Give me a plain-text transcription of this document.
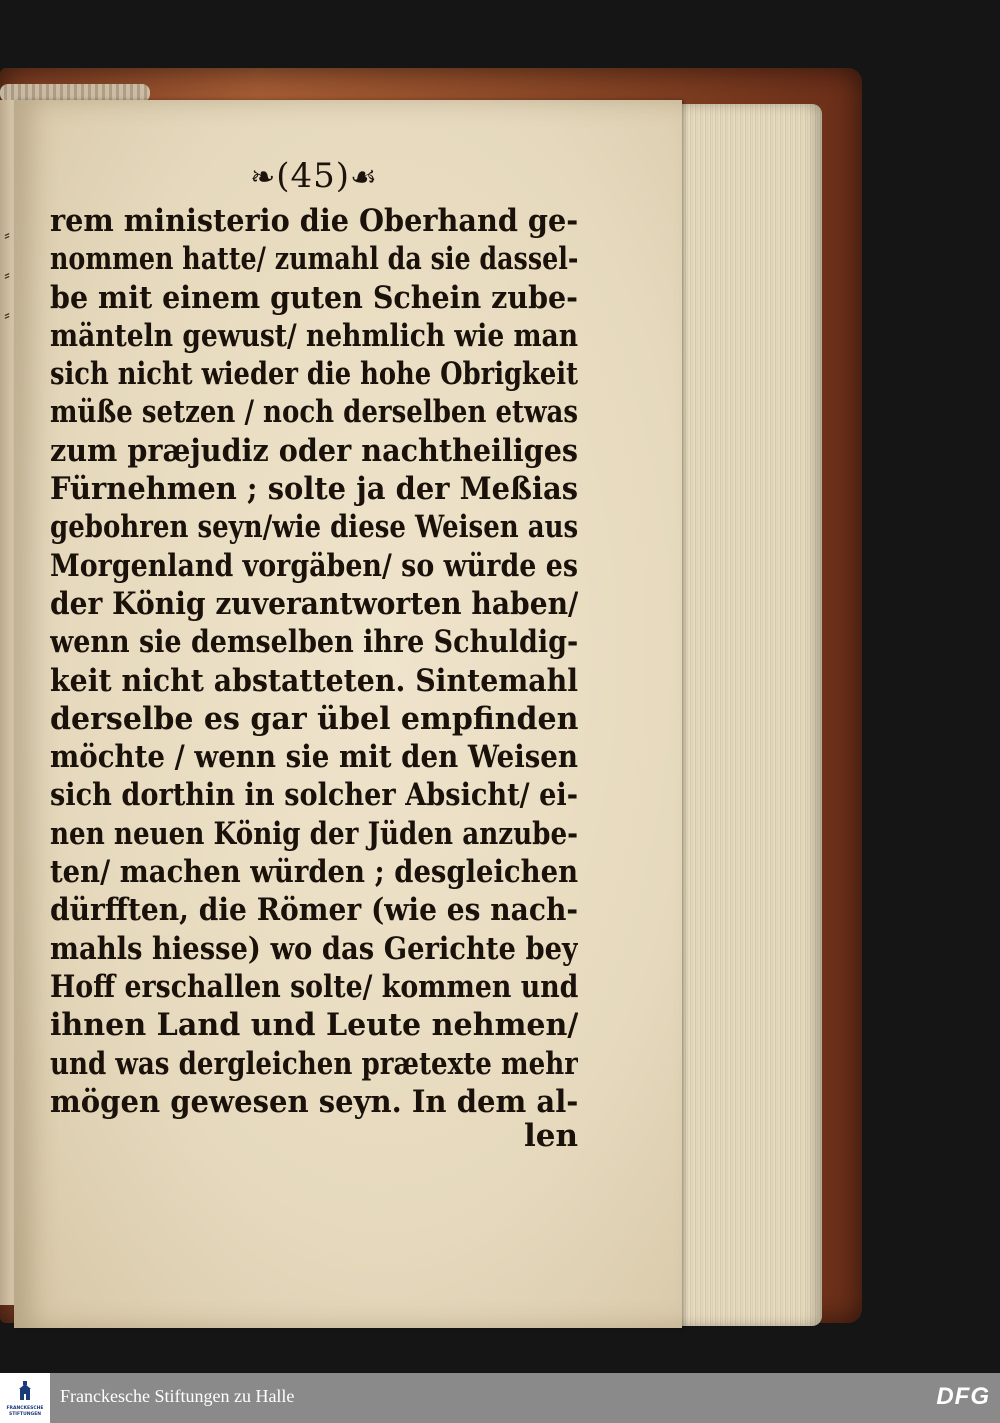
⸗
⸗
⸗
❧(45)☙
rem ministerio die Oberhand ge-
nommen hatte/ zumahl da sie dassel-
be mit einem guten Schein zube-
mänteln gewust/ nehmlich wie man
sich nicht wieder die hohe Obrigkeit
müße setzen / noch derselben etwas
zum præjudiz oder nachtheiliges
Fürnehmen ; solte ja der Meßias
gebohren seyn/wie diese Weisen aus
Morgenland vorgäben/ so würde es
der König zuverantworten haben/
wenn sie demselben ihre Schuldig-
keit nicht abstatteten. Sintemahl
derselbe es gar übel empfinden
möchte / wenn sie mit den Weisen
sich dorthin in solcher Absicht/ ei-
nen neuen König der Jüden anzube-
ten/ machen würden ; desgleichen
dürfften, die Römer (wie es nach-
mahls hiesse) wo das Gerichte bey
Hoff erschallen solte/ kommen und
ihnen Land und Leute nehmen/
und was dergleichen prætexte mehr
mögen gewesen seyn. In dem al-
len
FRANCKESCHE
STIFTUNGEN
Franckesche Stiftungen zu Halle	DFG
